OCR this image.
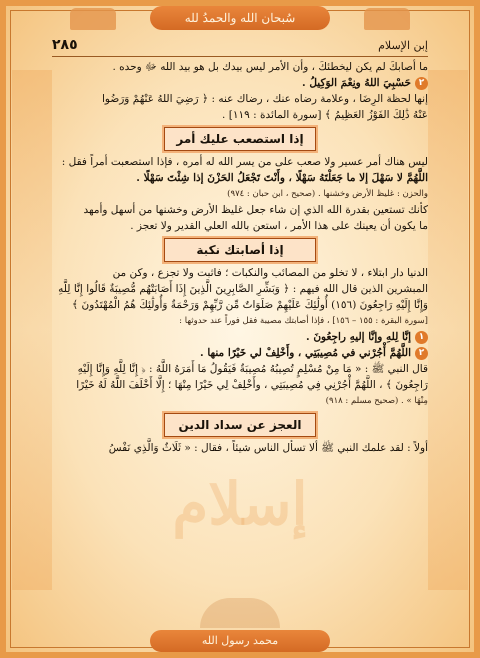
سُبحان الله والحمدُ لله
إسلام
محمد رسول الله
إبن الإسلام
٢٨٥

ما أصابكَ لم يكن ليخطئكَ ، وأن الأمر ليس بيدك بل هو بيد الله ﷻ وحده .

٢حَسْبِيَ اللهُ ونِعْمَ الوَكِيلُ .

إنها لحظة الرِضَا ، وعلامة رضاه عنك ، رضاك عنه : ﴿ رَضِيَ اللهُ عَنْهُمْ وَرَضُوا

عَنْهُ ذَٰلِكَ الفَوْزُ العَظِيمُ ﴾ [سورة المائدة : ١١٩] .

إذا استصعب عليك أمر

ليس هناك أمر عسير ولا صعب على من يسر الله له أمره ، فإذا استصعبت أمراً فقل :

اللَّهُمَّ لا سَهْلَ إلا ما جَعَلْتَهُ سَهْلًا ، وأَنْتَ تَجْعَلُ الحَزْنَ إذا شِئْتَ سَهْلًا .

والحزن : غليظ الأرض وخشنها . (صحيح ، ابن حبان : ٩٧٤)

كأنك تستعين بقدرة الله الذي إن شاء جعل غليظ الأرض وخشنها من أسهل وأمهد

ما يكون أن يعينك على هذا الأمر ، استعن بالله العلي القدير ولا تعجز .

إذا أصابتك نكبة

الدنيا دار ابتلاء ، لا تخلو من المصائب والنكبات ؛ فاثبت ولا تجزع ، وكن من

المبشرين الذين قال الله فيهم : ﴿ وَبَشِّرِ الصَّابِرِينَ الَّذِينَ إِذَا أَصَابَتْهُم مُّصِيبَةٌ قَالُوا إِنَّا لِلَّهِ

وَإِنَّا إِلَيْهِ رَاجِعُونَ (١٥٦) أُولَٰئِكَ عَلَيْهِمْ صَلَوَاتٌ مِّن رَّبِّهِمْ وَرَحْمَةٌ وَأُولَٰئِكَ هُمُ الْمُهْتَدُونَ ﴾

[سورة البقرة : ١٥٥ – ١٥٦] ، فإذا أصابتك مصيبة فقل فوراً عند حدوثها :

١إنَّا لِلهِ وإنَّا إليهِ راجِعُونَ .

٢اللَّهُمَّ أْجُرْني في مُصِيبَتِي ، وأَخْلِفْ لي خَيْرًا منها .

قال النبي ﷺ : « مَا مِنْ مُسْلِمٍ تُصِيبُهُ مُصِيبَةٌ فَيَقُولُ مَا أَمَرَهُ اللَّهُ : ﴿ إِنَّا لِلَّهِ وَإِنَّا إِلَيْهِ

رَاجِعُونَ ﴾ ، اللَّهُمَّ أْجُرْنِي فِي مُصِيبَتِي ، وأَخْلِفْ لِي خَيْرًا مِنْهَا ؛ إِلَّا أَخْلَفَ اللَّهُ لَهُ خَيْرًا

مِنْهَا » . (صحيح مسلم : ٩١٨)

العجز عن سداد الدين

أولاً : لقد علمك النبي ﷺ ألا تسأل الناس شيئاً ، فقال : « ثَلَاثٌ وَالَّذِي نَفْسُ
